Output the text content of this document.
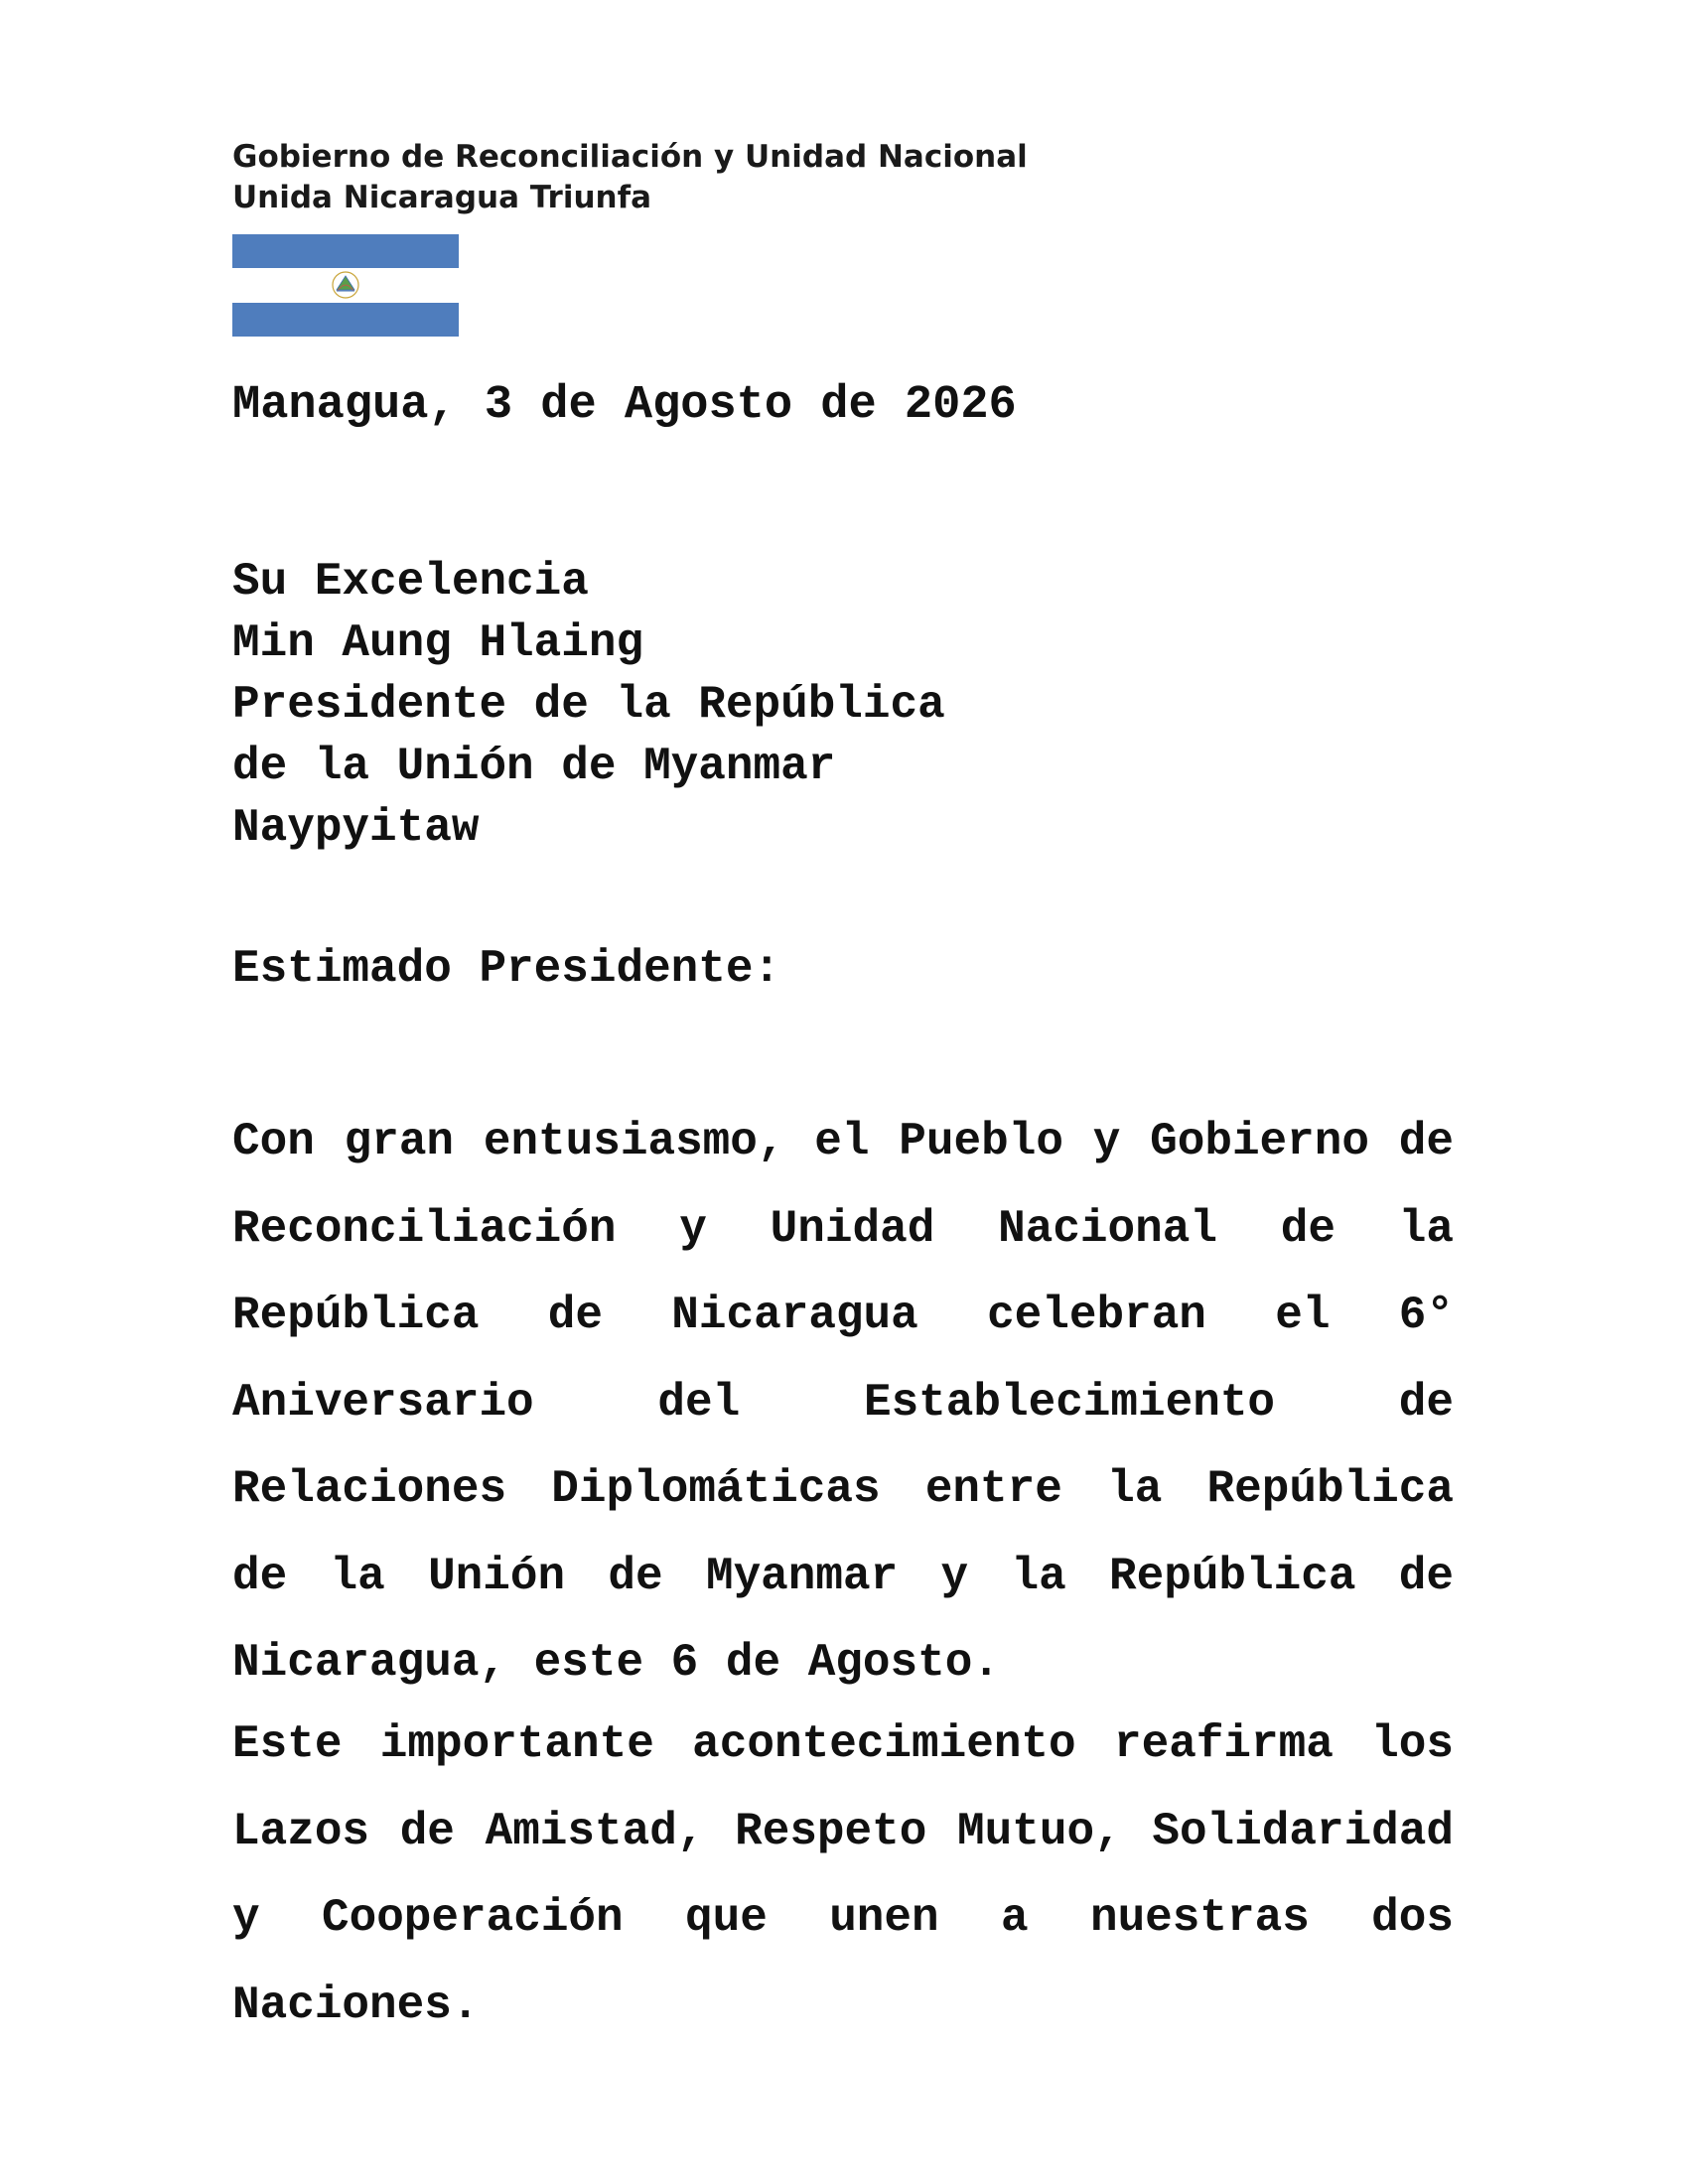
Gobierno de Reconciliación y Unidad Nacional
Unida Nicaragua Triunfa
Managua, 3 de Agosto de 2026
Su Excelencia
Min Aung Hlaing
Presidente de la República
de la Unión de Myanmar
Naypyitaw
Estimado Presidente:
Con gran entusiasmo, el Pueblo y Gobierno de Reconciliación y Unidad Nacional de la República de Nicaragua celebran el 6° Aniversario del Establecimiento de Relaciones Diplomáticas entre la República de la Unión de Myanmar y la República de Nicaragua, este 6 de Agosto.
Este importante acontecimiento reafirma los Lazos de Amistad, Respeto Mutuo, Solidaridad y Cooperación que unen a nuestras dos Naciones.
